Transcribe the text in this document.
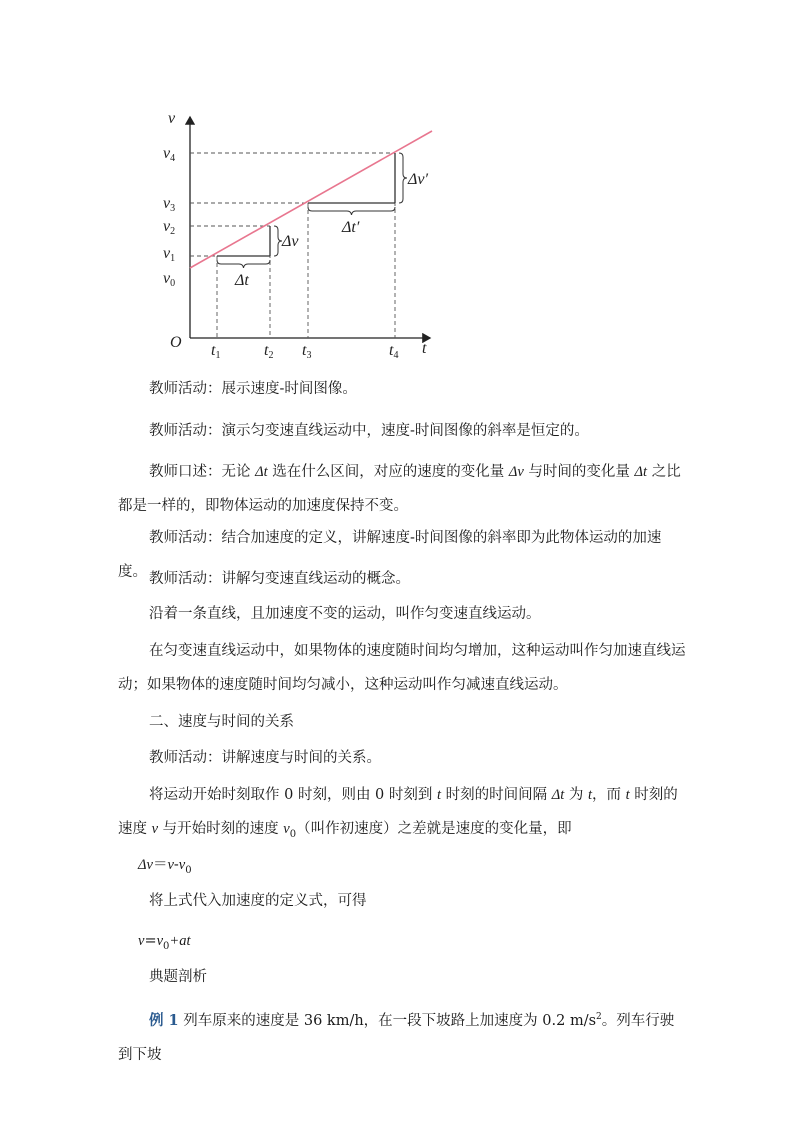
v
t
O
v4
v3
v2
v1
v0
t1	t2 t3	t4
Δt
Δv
Δt′
Δv′
教师活动：展示速度-时间图像。
教师活动：演示匀变速直线运动中，速度-时间图像的斜率是恒定的。
教师口述：无论 Δt 选在什么区间，对应的速度的变化量 Δv 与时间的变化量 Δt 之比都是一样的，即物体运动的加速度保持不变。
教师活动：结合加速度的定义，讲解速度-时间图像的斜率即为此物体运动的加速度。 教师活动：讲解匀变速直线运动的概念。
沿着一条直线，且加速度不变的运动，叫作匀变速直线运动。
在匀变速直线运动中，如果物体的速度随时间均匀增加，这种运动叫作匀加速直线运动；如果物体的速度随时间均匀减小，这种运动叫作匀减速直线运动。
二、速度与时间的关系
教师活动：讲解速度与时间的关系。
将运动开始时刻取作 0 时刻，则由 0 时刻到 t 时刻的时间间隔 Δt 为 t，而 t 时刻的速度 v 与开始时刻的速度 $v_0$（叫作初速度）之差就是速度的变化量，即
$\Delta v=v-v_0$
将上式代入加速度的定义式，可得
$v=v_0+at$
典题剖析
例 1 列车原来的速度是 36 km/h，在一段下坡路上加速度为 0.2 $m/s^2$。列车行驶到下坡
